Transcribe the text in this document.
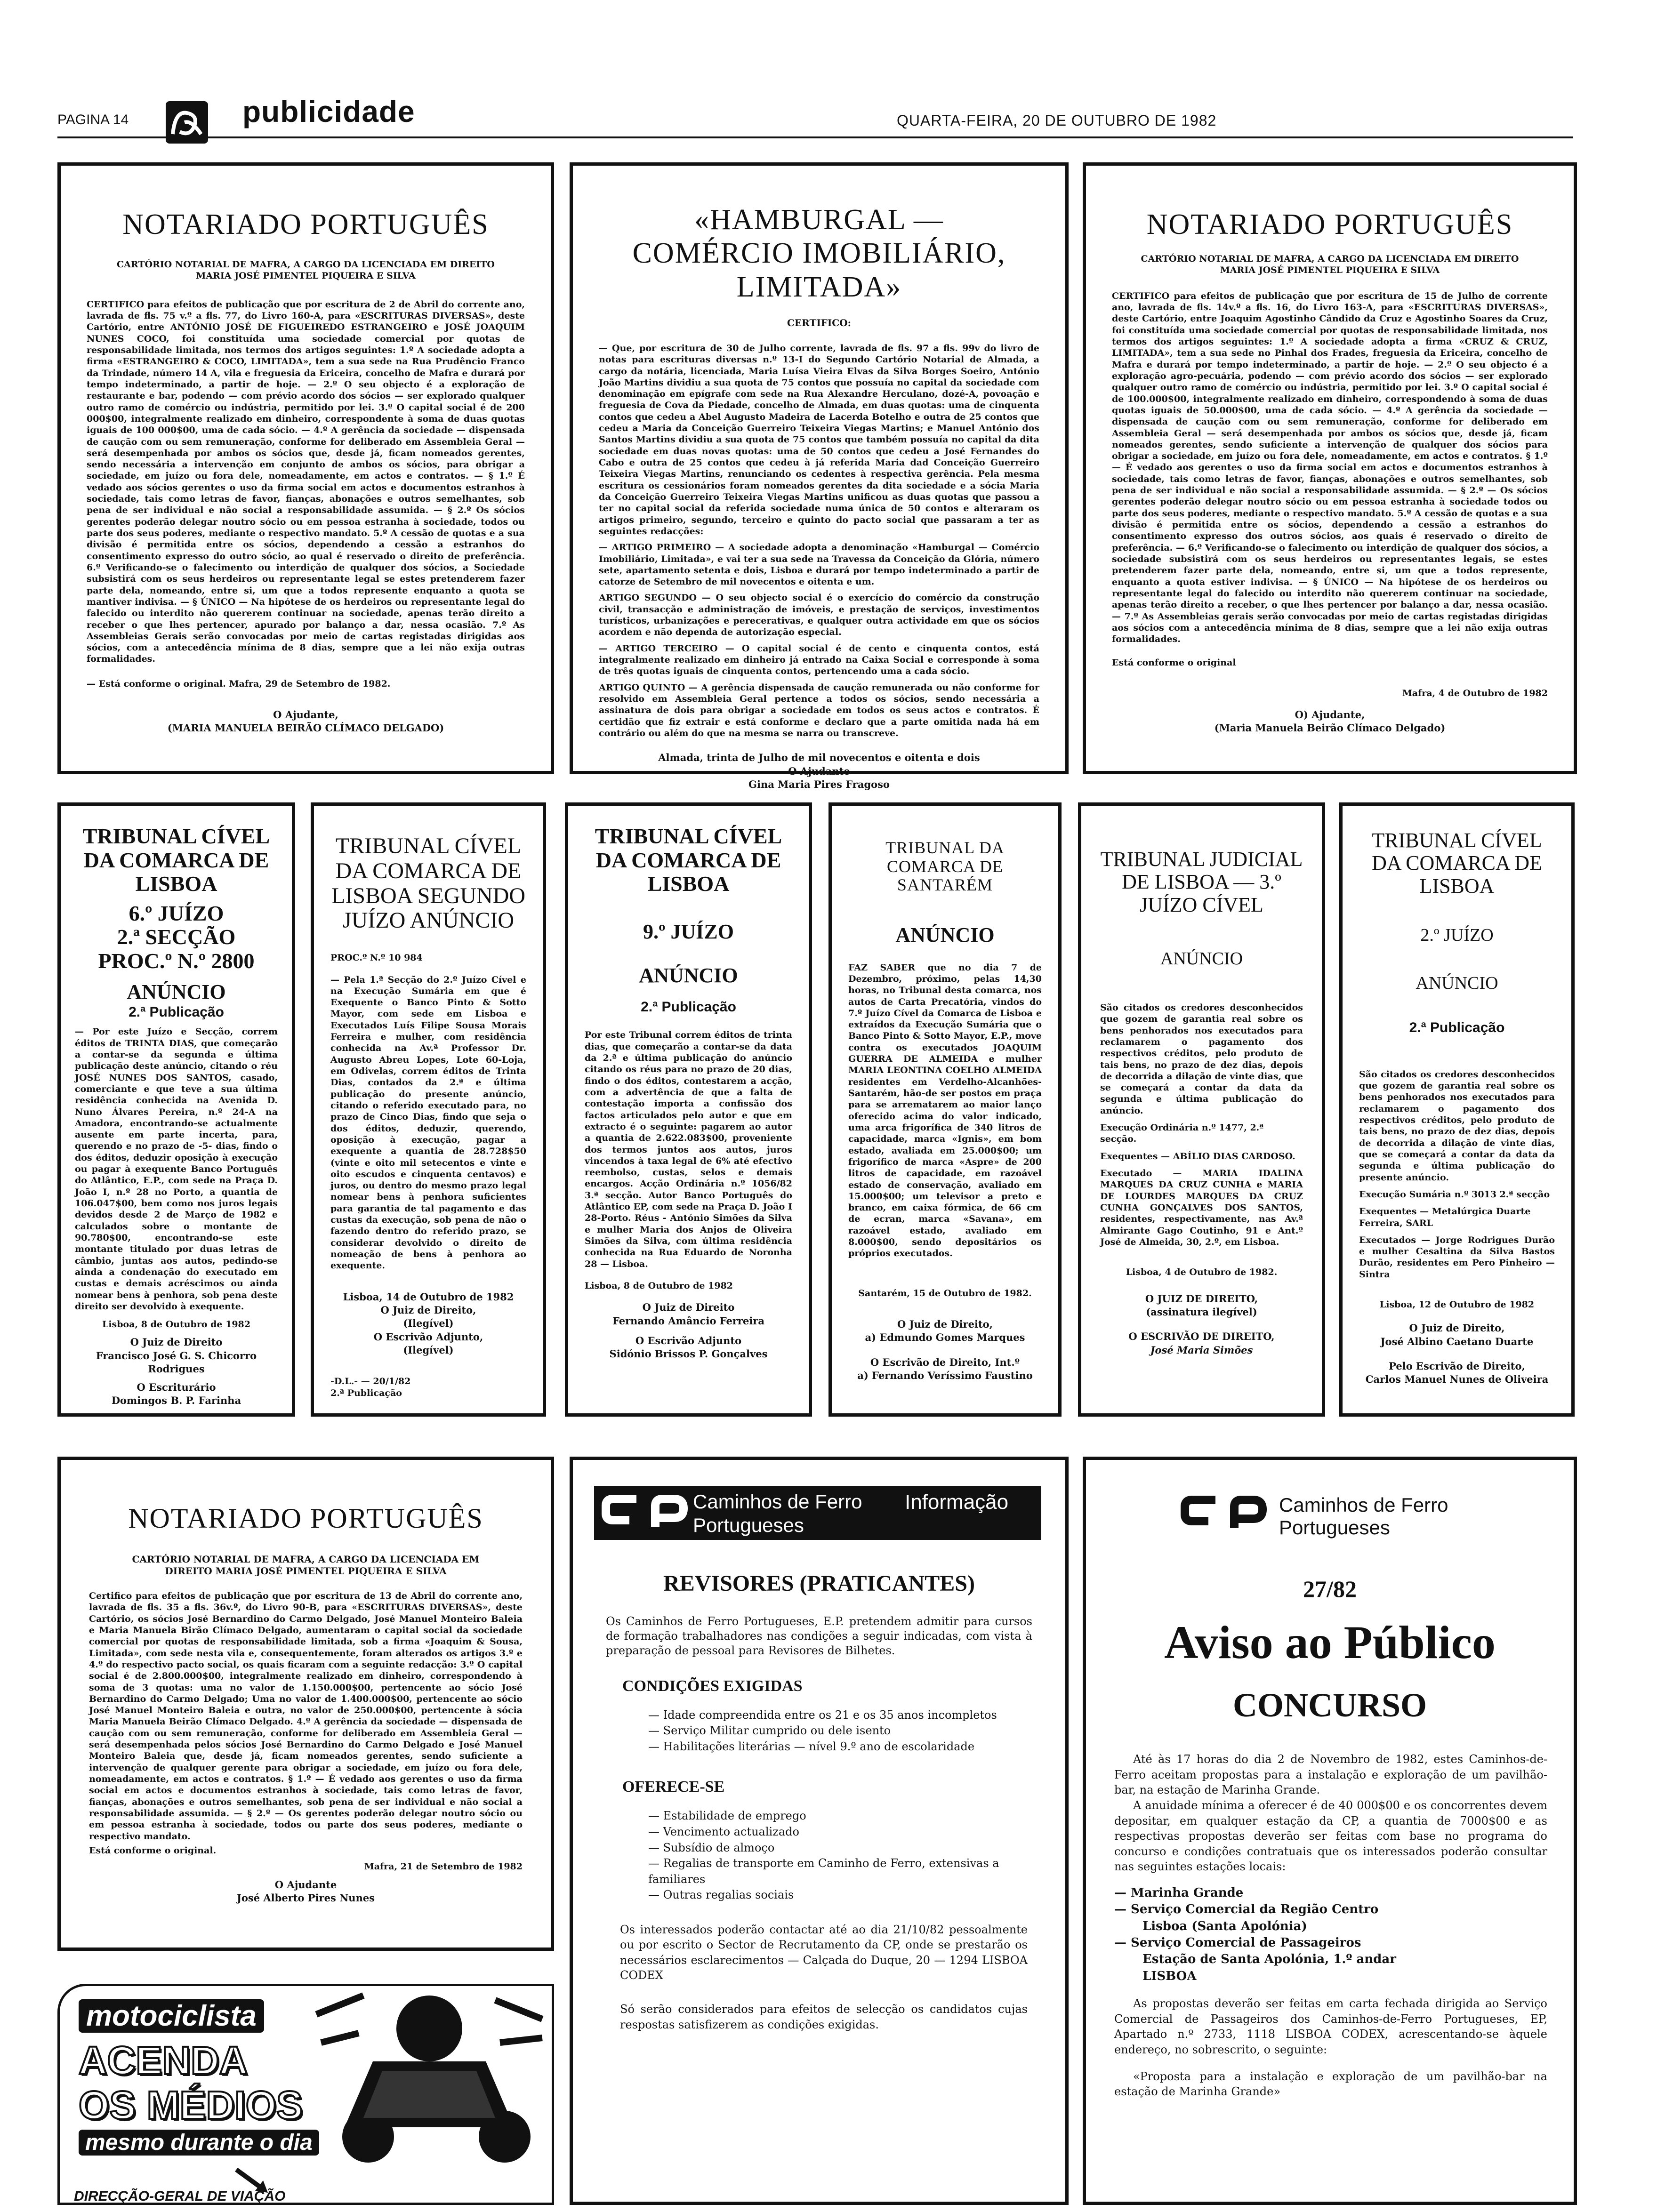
PAGINA 14	publicidade	QUARTA-FEIRA, 20 DE OUTUBRO DE 1982
NOTARIADO PORTUGUÊS
CARTÓRIO NOTARIAL DE MAFRA, A CARGO DA LICENCIADA EM DIREITO MARIA JOSÉ PIMENTEL PIQUEIRA E SILVA
CERTIFICO para efeitos de publicação que por escritura de 2 de Abril do corrente ano, lavrada de fls. 75 v.º a fls. 77, do Livro 160-A, para «ESCRITURAS DIVERSAS», deste Cartório, entre ANTÓNIO JOSÉ DE FIGUEIREDO ESTRANGEIRO e JOSÉ JOAQUIM NUNES COCO, foi constituída uma sociedade comercial por quotas de responsabilidade limitada, nos termos dos artigos seguintes: 1.º A sociedade adopta a firma «ESTRANGEIRO & COCO, LIMITADA», tem a sua sede na Rua Prudêncio Franco da Trindade, número 14 A, vila e freguesia da Ericeira, concelho de Mafra e durará por tempo indeterminado, a partir de hoje. — 2.º O seu objecto é a exploração de restaurante e bar, podendo — com prévio acordo dos sócios — ser explorado qualquer outro ramo de comércio ou indústria, permitido por lei. 3.º O capital social é de 200 000$00, integralmente realizado em dinheiro, correspondente à soma de duas quotas iguais de 100 000$00, uma de cada sócio. — 4.º A gerência da sociedade — dispensada de caução com ou sem remuneração, conforme for deliberado em Assembleia Geral — será desempenhada por ambos os sócios que, desde já, ficam nomeados gerentes, sendo necessária a intervenção em conjunto de ambos os sócios, para obrigar a sociedade, em juízo ou fora dele, nomeadamente, em actos e contratos. — § 1.º É vedado aos sócios gerentes o uso da firma social em actos e documentos estranhos à sociedade, tais como letras de favor, fianças, abonações e outros semelhantes, sob pena de ser individual e não social a responsabilidade assumida. — § 2.º Os sócios gerentes poderão delegar noutro sócio ou em pessoa estranha à sociedade, todos ou parte dos seus poderes, mediante o respectivo mandato. 5.º A cessão de quotas e a sua divisão é permitida entre os sócios, dependendo a cessão a estranhos do consentimento expresso do outro sócio, ao qual é reservado o direito de preferência. 6.º Verificando-se o falecimento ou interdição de qualquer dos sócios, a Sociedade subsistirá com os seus herdeiros ou representante legal se estes pretenderem fazer parte dela, nomeando, entre si, um que a todos represente enquanto a quota se mantiver indivisa. — § ÚNICO — Na hipótese de os herdeiros ou representante legal do falecido ou interdito não quererem continuar na sociedade, apenas terão direito a receber o que lhes pertencer, apurado por balanço a dar, nessa ocasião. 7.º As Assembleias Gerais serão convocadas por meio de cartas registadas dirigidas aos sócios, com a antecedência mínima de 8 dias, sempre que a lei não exija outras formalidades.

— Está conforme o original. Mafra, 29 de Setembro de 1982.

O Ajudante,
(MARIA MANUELA BEIRÃO CLÍMACO DELGADO)
«HAMBURGAL — COMÉRCIO IMOBILIÁRIO, LIMITADA»
CERTIFICO:

— Que, por escritura de 30 de Julho corrente, lavrada de fls. 97 a fls. 99v do livro de notas para escrituras diversas n.º 13-I do Segundo Cartório Notarial de Almada, a cargo da notária, licenciada, Maria Luísa Vieira Elvas da Silva Borges Soeiro, António João Martins dividiu a sua quota de 75 contos que possuía no capital da sociedade com denominação em epígrafe com sede na Rua Alexandre Herculano, dozé-A, povoação e freguesia de Cova da Piedade, concelho de Almada, em duas quotas: uma de cinquenta contos que cedeu a Abel Augusto Madeira de Lacerda Botelho e outra de 25 contos que cedeu a Maria da Conceição Guerreiro Teixeira Viegas Martins; e Manuel António dos Santos Martins dividiu a sua quota de 75 contos que também possuía no capital da dita sociedade em duas novas quotas: uma de 50 contos que cedeu a José Fernandes do Cabo e outra de 25 contos que cedeu à já referida Maria dad Conceição Guerreiro Teixeira Viegas Martins, renunciando os cedentes à respectiva gerência. Pela mesma escritura os cessionários foram nomeados gerentes da dita sociedade e a sócia Maria da Conceição Guerreiro Teixeira Viegas Martins unificou as duas quotas que passou a ter no capital social da referida sociedade numa única de 50 contos e alteraram os artigos primeiro, segundo, terceiro e quinto do pacto social que passaram a ter as seguintes redacções:

— ARTIGO PRIMEIRO — A sociedade adopta a denominação «Hamburgal — Comércio Imobiliário, Limitada», e vai ter a sua sede na Travessa da Conceição da Glória, número sete, apartamento setenta e dois, Lisboa e durará por tempo indeterminado a partir de catorze de Setembro de mil novecentos e oitenta e um.

ARTIGO SEGUNDO — O seu objecto social é o exercício do comércio da construção civil, transacção e administração de imóveis, e prestação de serviços, investimentos turísticos, urbanizações e perecerativas, e qualquer outra actividade em que os sócios acordem e não dependa de autorização especial.

— ARTIGO TERCEIRO — O capital social é de cento e cinquenta contos, está integralmente realizado em dinheiro já entrado na Caixa Social e corresponde à soma de três quotas iguais de cinquenta contos, pertencendo uma a cada sócio.

ARTIGO QUINTO — A gerência dispensada de caução remunerada ou não conforme for resolvido em Assembleia Geral pertence a todos os sócios, sendo necessária a assinatura de dois para obrigar a sociedade em todos os seus actos e contratos. É certidão que fiz extrair e está conforme e declaro que a parte omitida nada há em contrário ou além do que na mesma se narra ou transcreve.

Almada, trinta de Julho de mil novecentos e oitenta e dois
O Ajudante
Gina Maria Pires Fragoso
NOTARIADO PORTUGUÊS
CARTÓRIO NOTARIAL DE MAFRA, A CARGO DA LICENCIADA EM DIREITO MARIA JOSÉ PIMENTEL PIQUEIRA E SILVA
CERTIFICO para efeitos de publicação que por escritura de 15 de Julho de corrente ano, lavrada de fls. 14v.º a fls. 16, do Livro 163-A, para «ESCRITURAS DIVERSAS», deste Cartório, entre Joaquim Agostinho Cândido da Cruz e Agostinho Soares da Cruz, foi constituída uma sociedade comercial por quotas de responsabilidade limitada, nos termos dos artigos seguintes: 1.º A sociedade adopta a firma «CRUZ & CRUZ, LIMITADA», tem a sua sede no Pinhal dos Frades, freguesia da Ericeira, concelho de Mafra e durará por tempo indeterminado, a partir de hoje. — 2.º O seu objecto é a exploração agro-pecuária, podendo — com prévio acordo dos sócios — ser explorado qualquer outro ramo de comércio ou indústria, permitido por lei. 3.º O capital social é de 100.000$00, integralmente realizado em dinheiro, correspondendo à soma de duas quotas iguais de 50.000$00, uma de cada sócio. — 4.º A gerência da sociedade — dispensada de caução com ou sem remuneração, conforme for deliberado em Assembleia Geral — será desempenhada por ambos os sócios que, desde já, ficam nomeados gerentes, sendo suficiente a intervenção de qualquer dos sócios para obrigar a sociedade, em juízo ou fora dele, nomeadamente, em actos e contratos. § 1.º — É vedado aos gerentes o uso da firma social em actos e documentos estranhos à sociedade, tais como letras de favor, fianças, abonações e outros semelhantes, sob pena de ser individual e não social a responsabilidade assumida. — § 2.º — Os sócios gerentes poderão delegar noutro sócio ou em pessoa estranha à sociedade todos ou parte dos seus poderes, mediante o respectivo mandato. 5.º A cessão de quotas e a sua divisão é permitida entre os sócios, dependendo a cessão a estranhos do consentimento expresso dos outros sócios, aos quais é reservado o direito de preferência. — 6.º Verificando-se o falecimento ou interdição de qualquer dos sócios, a sociedade subsistirá com os seus herdeiros ou representantes legais, se estes pretenderem fazer parte dela, nomeando, entre si, um que a todos represente, enquanto a quota estiver indivisa. — § ÚNICO — Na hipótese de os herdeiros ou representante legal do falecido ou interdito não quererem continuar na sociedade, apenas terão direito a receber, o que lhes pertencer por balanço a dar, nessa ocasião. — 7.º As Assembleias gerais serão convocadas por meio de cartas registadas dirigidas aos sócios com a antecedência mínima de 8 dias, sempre que a lei não exija outras formalidades.

Está conforme o original

Mafra, 4 de Outubro de 1982
O) Ajudante,
(Maria Manuela Beirão Clímaco Delgado)
TRIBUNAL CÍVEL DA COMARCA DE LISBOA
6.º JUÍZO
2.ª SECÇÃO
PROC.º N.º 2800
ANÚNCIO
2.ª Publicação
— Por este Juízo e Secção, correm éditos de TRINTA DIAS, que começarão a contar-se da segunda e última publicação deste anúncio, citando o réu JOSÉ NUNES DOS SANTOS, casado, comerciante e que teve a sua última residência conhecida na Avenida D. Nuno Álvares Pereira, n.º 24-A na Amadora, encontrando-se actualmente ausente em parte incerta, para, querendo e no prazo de -5- dias, findo o dos éditos, deduzir oposição à execução ou pagar à exequente Banco Português do Atlântico, E.P., com sede na Praça D. João I, n.º 28 no Porto, a quantia de 106.047$00, bem como nos juros legais devidos desde 2 de Março de 1982 e calculados sobre o montante de 90.780$00, encontrando-se este montante titulado por duas letras de câmbio, juntas aos autos, pedindo-se ainda a condenação do executado em custas e demais acréscimos ou ainda nomear bens à penhora, sob pena deste direito ser devolvido à exequente.
Lisboa, 8 de Outubro de 1982
O Juiz de Direito
Francisco José G. S. Chicorro Rodrigues
O Escriturário
Domingos B. P. Farinha
TRIBUNAL CÍVEL DA COMARCA DE LISBOA SEGUNDO JUÍZO ANÚNCIO
PROC.º N.º 10 984
— Pela 1.ª Secção do 2.º Juízo Cível e na Execução Sumária em que é Exequente o Banco Pinto & Sotto Mayor, com sede em Lisboa e Executados Luís Filipe Sousa Morais Ferreira e mulher, com residência conhecida na Av.ª Professor Dr. Augusto Abreu Lopes, Lote 60-Loja, em Odivelas, correm éditos de Trinta Dias, contados da 2.ª e última publicação do presente anúncio, citando o referido executado para, no prazo de Cinco Dias, findo que seja o dos éditos, deduzir, querendo, oposição à execução, pagar a exequente a quantia de 28.728$50 (vinte e oito mil setecentos e vinte e oito escudos e cinquenta centavos) e juros, ou dentro do mesmo prazo legal nomear bens à penhora suficientes para garantia de tal pagamento e das custas da execução, sob pena de não o fazendo dentro do referido prazo, se considerar devolvido o direito de nomeação de bens à penhora ao exequente.
Lisboa, 14 de Outubro de 1982
O Juiz de Direito,
(Ilegível)
O Escrivão Adjunto,
(Ilegível)
-D.L.- — 20/1/82
2.ª Publicação
TRIBUNAL CÍVEL DA COMARCA DE LISBOA
9.º JUÍZO
ANÚNCIO
2.ª Publicação
Por este Tribunal correm éditos de trinta dias, que começarão a contar-se da data da 2.ª e última publicação do anúncio citando os réus para no prazo de 20 dias, findo o dos éditos, contestarem a acção, com a advertência de que a falta de contestação importa a confissão dos factos articulados pelo autor e que em extracto é o seguinte: pagarem ao autor a quantia de 2.622.083$00, proveniente dos termos juntos aos autos, juros vincendos à taxa legal de 6% até efectivo reembolso, custas, selos e demais encargos. Acção Ordinária n.º 1056/82 3.ª secção. Autor Banco Português do Atlântico EP, com sede na Praça D. João I 28-Porto. Réus - António Simões da Silva e mulher Maria dos Anjos de Oliveira Simões da Silva, com última residência conhecida na Rua Eduardo de Noronha 28 — Lisboa.
Lisboa, 8 de Outubro de 1982
O Juiz de Direito
Fernando Amâncio Ferreira
O Escrivão Adjunto
Sidónio Brissos P. Gonçalves
TRIBUNAL DA COMARCA DE SANTARÉM
ANÚNCIO
FAZ SABER que no dia 7 de Dezembro, próximo, pelas 14,30 horas, no Tribunal desta comarca, nos autos de Carta Precatória, vindos do 7.º Juízo Cível da Comarca de Lisboa e extraídos da Execução Sumária que o Banco Pinto & Sotto Mayor, E.P., move contra os executados JOAQUIM GUERRA DE ALMEIDA e mulher MARIA LEONTINA COELHO ALMEIDA residentes em Verdelho-Alcanhões-Santarém, hão-de ser postos em praça para se arrematarem ao maior lanço oferecido acima do valor indicado, uma arca frigorífica de 340 litros de capacidade, marca «Ignis», em bom estado, avaliada em 25.000$00; um frigorífico de marca «Aspre» de 200 litros de capacidade, em razoável estado de conservação, avaliado em 15.000$00; um televisor a preto e branco, em caixa fórmica, de 66 cm de ecran, marca «Savana», em razoável estado, avaliado em 8.000$00, sendo depositários os próprios executados.
Santarém, 15 de Outubro de 1982.
O Juiz de Direito,
a) Edmundo Gomes Marques
O Escrivão de Direito, Int.º
a) Fernando Veríssimo Faustino
TRIBUNAL JUDICIAL DE LISBOA — 3.º JUÍZO CÍVEL
ANÚNCIO
São citados os credores desconhecidos que gozem de garantia real sobre os bens penhorados nos executados para reclamarem o pagamento dos respectivos créditos, pelo produto de tais bens, no prazo de dez dias, depois de decorrida a dilação de vinte dias, que se começará a contar da data da segunda e última publicação do anúncio.
Execução Ordinária n.º 1477, 2.ª secção.
Exequentes — ABÍLIO DIAS CARDOSO.
Executado — MARIA IDALINA MARQUES DA CRUZ CUNHA e MARIA DE LOURDES MARQUES DA CRUZ CUNHA GONÇALVES DOS SANTOS, residentes, respectivamente, nas Av.ª Almirante Gago Coutinho, 91 e Ant.º José de Almeida, 30, 2.º, em Lisboa.
Lisboa, 4 de Outubro de 1982.
O JUIZ DE DIREITO,
(assinatura ilegível)
O ESCRIVÃO DE DIREITO,
José Maria Simões
TRIBUNAL CÍVEL DA COMARCA DE LISBOA
2.º JUÍZO
ANÚNCIO
2.ª Publicação
São citados os credores desconhecidos que gozem de garantia real sobre os bens penhorados nos executados para reclamarem o pagamento dos respectivos créditos, pelo produto de tais bens, no prazo de dez dias, depois de decorrida a dilação de vinte dias, que se começará a contar da data da segunda e última publicação do presente anúncio.
Execução Sumária n.º 3013 2.ª secção
Exequentes — Metalúrgica Duarte Ferreira, SARL
Executados — Jorge Rodrigues Durão e mulher Cesaltina da Silva Bastos Durão, residentes em Pero Pinheiro — Sintra
Lisboa, 12 de Outubro de 1982
O Juiz de Direito,
José Albino Caetano Duarte
Pelo Escrivão de Direito,
Carlos Manuel Nunes de Oliveira
NOTARIADO PORTUGUÊS
CARTÓRIO NOTARIAL DE MAFRA, A CARGO DA LICENCIADA EM DIREITO MARIA JOSÉ PIMENTEL PIQUEIRA E SILVA
Certifico para efeitos de publicação que por escritura de 13 de Abril do corrente ano, lavrada de fls. 35 a fls. 36v.º, do Livro 90-B, para «ESCRITURAS DIVERSAS», deste Cartório, os sócios José Bernardino do Carmo Delgado, José Manuel Monteiro Baleia e Maria Manuela Birão Clímaco Delgado, aumentaram o capital social da sociedade comercial por quotas de responsabilidade limitada, sob a firma «Joaquim & Sousa, Limitada», com sede nesta vila e, consequentemente, foram alterados os artigos 3.º e 4.º do respectivo pacto social, os quais ficaram com a seguinte redacção: 3.º O capital social é de 2.800.000$00, integralmente realizado em dinheiro, correspondendo à soma de 3 quotas: uma no valor de 1.150.000$00, pertencente ao sócio José Bernardino do Carmo Delgado; Uma no valor de 1.400.000$00, pertencente ao sócio José Manuel Monteiro Baleia e outra, no valor de 250.000$00, pertencente à sócia Maria Manuela Beirão Clímaco Delgado. 4.º A gerência da sociedade — dispensada de caução com ou sem remuneração, conforme for deliberado em Assembleia Geral — será desempenhada pelos sócios José Bernardino do Carmo Delgado e José Manuel Monteiro Baleia que, desde já, ficam nomeados gerentes, sendo suficiente a intervenção de qualquer gerente para obrigar a sociedade, em juízo ou fora dele, nomeadamente, em actos e contratos. § 1.º — É vedado aos gerentes o uso da firma social em actos e documentos estranhos à sociedade, tais como letras de favor, fianças, abonações e outros semelhantes, sob pena de ser individual e não social a responsabilidade assumida. — § 2.º — Os gerentes poderão delegar noutro sócio ou em pessoa estranha à sociedade, todos ou parte dos seus poderes, mediante o respectivo mandato.

Está conforme o original.

Mafra, 21 de Setembro de 1982
O Ajudante
José Alberto Pires Nunes
motociclista
ACENDA
OS MÉDIOS
mesmo durante o dia
DIRECÇÃO-GERAL DE VIAÇÃO
Caminhos de Ferro
Portugueses
Informação
REVISORES (PRATICANTES)
Os Caminhos de Ferro Portugueses, E.P. pretendem admitir para cursos de formação trabalhadores nas condições a seguir indicadas, com vista à preparação de pessoal para Revisores de Bilhetes.
CONDIÇÕES EXIGIDAS
— Idade compreendida entre os 21 e os 35 anos incompletos
— Serviço Militar cumprido ou dele isento
— Habilitações literárias — nível 9.º ano de escolaridade
OFERECE-SE
— Estabilidade de emprego
— Vencimento actualizado
— Subsídio de almoço
— Regalias de transporte em Caminho de Ferro, extensivas a familiares
— Outras regalias sociais
Os interessados poderão contactar até ao dia 21/10/82 pessoalmente ou por escrito o Sector de Recrutamento da CP, onde se prestarão os necessários esclarecimentos — Calçada do Duque, 20 — 1294 LISBOA CODEX
Só serão considerados para efeitos de selecção os candidatos cujas respostas satisfizerem as condições exigidas.
Caminhos de Ferro
Portugueses
27/82
Aviso ao Público
CONCURSO
Até às 17 horas do dia 2 de Novembro de 1982, estes Caminhos-de-Ferro aceitam propostas para a instalação e exploração de um pavilhão-bar, na estação de Marinha Grande.
A anuidade mínima a oferecer é de 40 000$00 e os concorrentes devem depositar, em qualquer estação da CP, a quantia de 7000$00 e as respectivas propostas deverão ser feitas com base no programa do concurso e condições contratuais que os interessados poderão consultar nas seguintes estações locais:
— Marinha Grande
— Serviço Comercial da Região Centro
Lisboa (Santa Apolónia)
— Serviço Comercial de Passageiros
Estação de Santa Apolónia, 1.º andar
LISBOA
As propostas deverão ser feitas em carta fechada dirigida ao Serviço Comercial de Passageiros dos Caminhos-de-Ferro Portugueses, EP, Apartado n.º 2733, 1118 LISBOA CODEX, acrescentando-se àquele endereço, no sobrescrito, o seguinte:
«Proposta para a instalação e exploração de um pavilhão-bar na estação de Marinha Grande»
